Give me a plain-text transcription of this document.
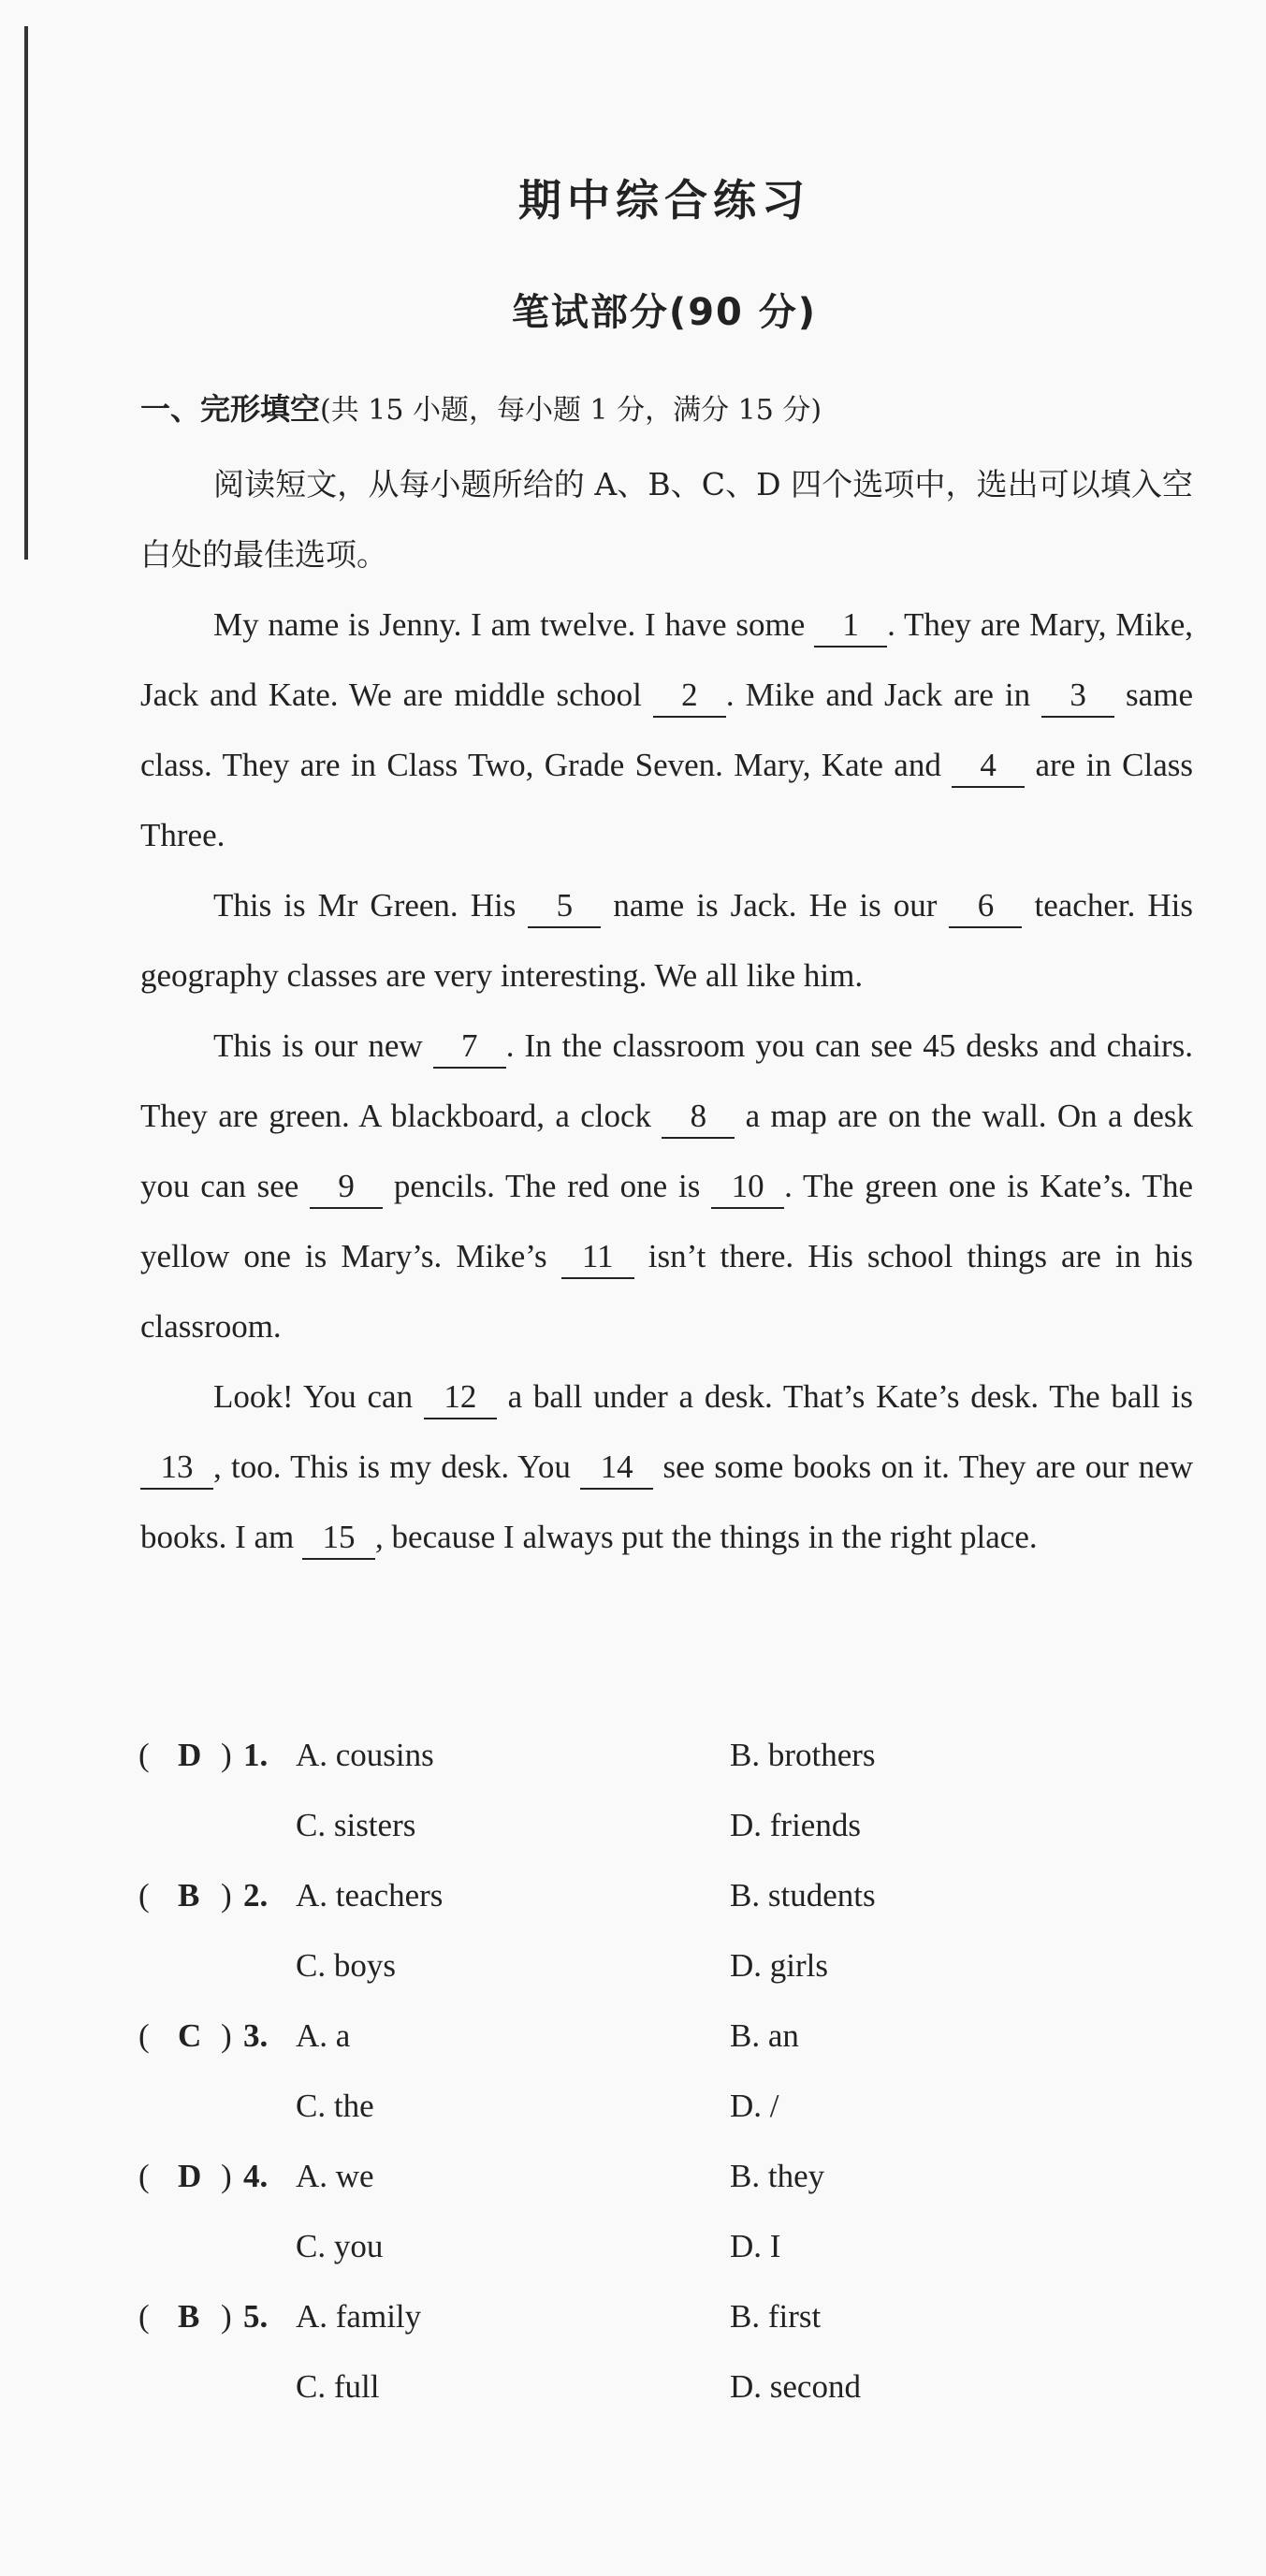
期中综合练习
笔试部分(90 分)
一、完形填空(共 15 小题，每小题 1 分，满分 15 分)
阅读短文，从每小题所给的 A、B、C、D 四个选项中，选出可以填入空白处的最佳选项。

My name is Jenny. I am twelve. I have some 1 . They are Mary, Mike, Jack and Kate. We are middle school 2 . Mike and Jack are in 3 same class. They are in Class Two, Grade Seven. Mary, Kate and 4 are in Class Three.

This is Mr Green. His 5 name is Jack. He is our 6 teacher. His geography classes are very interesting. We all like him.

This is our new 7 . In the classroom you can see 45 desks and chairs. They are green. A blackboard, a clock 8 a map are on the wall. On a desk you can see 9 pencils. The red one is 10 . The green one is Kate’s. The yellow one is Mary’s. Mike’s 11 isn’t there. His school things are in his classroom.

Look! You can 12 a ball under a desk. That’s Kate’s desk. The ball is 13 , too. This is my desk. You 14 see some books on it. They are our new books. I am 15 , because I always put the things in the right place.

( D ) 1. A. cousins	B. brothers
C. sisters	D. friends
( B ) 2. A. teachers	B. students
C. boys	D. girls
( C ) 3. A. a	B. an
C. the	D. /
( D ) 4. A. we	B. they
C. you	D. I
( B ) 5. A. family	B. first
C. full	D. second
